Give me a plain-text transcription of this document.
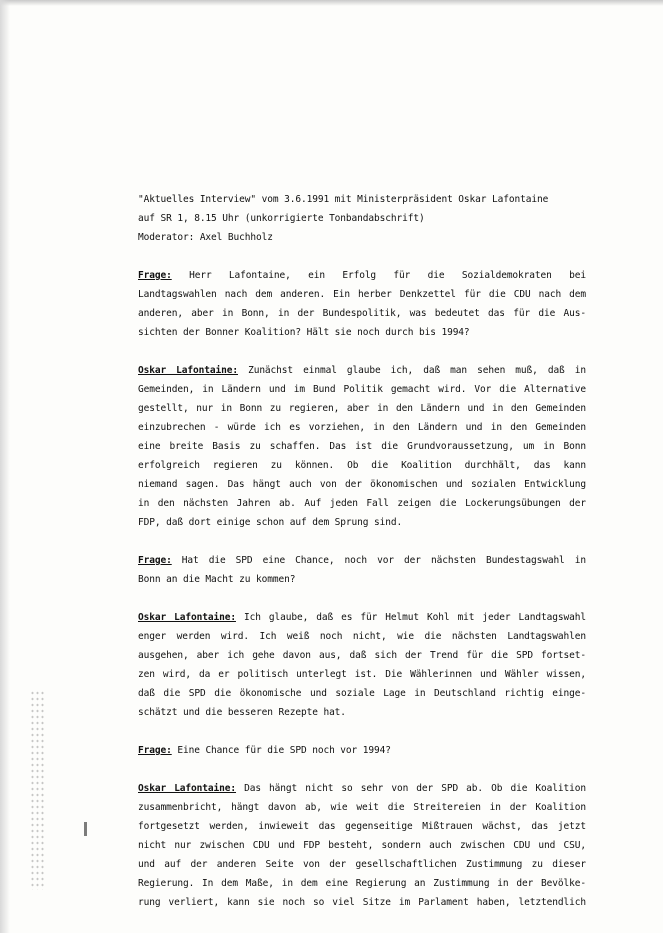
"Aktuelles Interview" vom 3.6.1991 mit Ministerpräsident Oskar Lafontaine
auf SR 1, 8.15 Uhr (unkorrigierte Tonbandabschrift)
Moderator: Axel Buchholz
Frage: Herr Lafontaine, ein Erfolg für die Sozialdemokraten bei
Landtagswahlen nach dem anderen. Ein herber Denkzettel für die CDU nach dem
anderen, aber in Bonn, in der Bundespolitik, was bedeutet das für die Aus-
sichten der Bonner Koalition? Hält sie noch durch bis 1994?
Oskar Lafontaine: Zunächst einmal glaube ich, daß man sehen muß, daß in
Gemeinden, in Ländern und im Bund Politik gemacht wird. Vor die Alternative
gestellt, nur in Bonn zu regieren, aber in den Ländern und in den Gemeinden
einzubrechen - würde ich es vorziehen, in den Ländern und in den Gemeinden
eine breite Basis zu schaffen. Das ist die Grundvoraussetzung, um in Bonn
erfolgreich regieren zu können. Ob die Koalition durchhält, das kann
niemand sagen. Das hängt auch von der ökonomischen und sozialen Entwicklung
in den nächsten Jahren ab. Auf jeden Fall zeigen die Lockerungsübungen der
FDP, daß dort einige schon auf dem Sprung sind.
Frage: Hat die SPD eine Chance, noch vor der nächsten Bundestagswahl in
Bonn an die Macht zu kommen?
Oskar Lafontaine: Ich glaube, daß es für Helmut Kohl mit jeder Landtagswahl
enger werden wird. Ich weiß noch nicht, wie die nächsten Landtagswahlen
ausgehen, aber ich gehe davon aus, daß sich der Trend für die SPD fortset-
zen wird, da er politisch unterlegt ist. Die Wählerinnen und Wähler wissen,
daß die SPD die ökonomische und soziale Lage in Deutschland richtig einge-
schätzt und die besseren Rezepte hat.
Frage: Eine Chance für die SPD noch vor 1994?
Oskar Lafontaine: Das hängt nicht so sehr von der SPD ab. Ob die Koalition
zusammenbricht, hängt davon ab, wie weit die Streitereien in der Koalition
fortgesetzt werden, inwieweit das gegenseitige Mißtrauen wächst, das jetzt
nicht nur zwischen CDU und FDP besteht, sondern auch zwischen CDU und CSU,
und auf der anderen Seite von der gesellschaftlichen Zustimmung zu dieser
Regierung. In dem Maße, in dem eine Regierung an Zustimmung in der Bevölke-
rung verliert, kann sie noch so viel Sitze im Parlament haben, letztendlich
